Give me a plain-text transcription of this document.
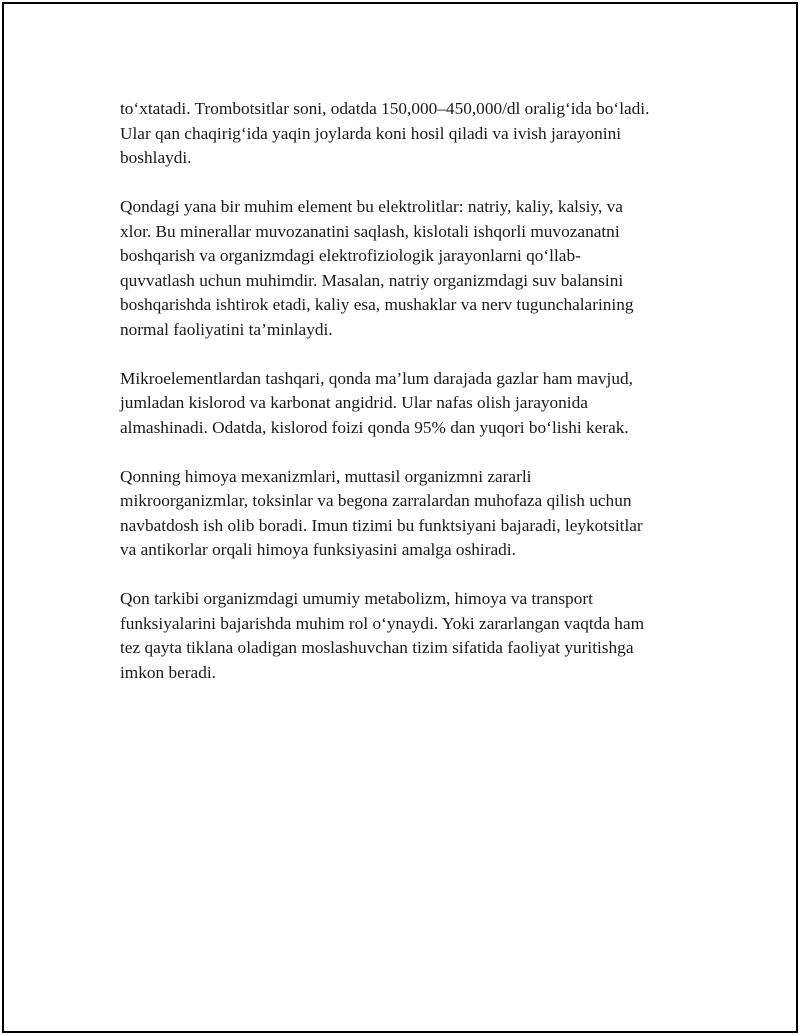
to‘xtatadi. Trombotsitlar soni, odatda 150,000–450,000/dl oralig‘ida bo‘ladi.
Ular qan chaqirig‘ida yaqin joylarda koni hosil qiladi va ivish jarayonini
boshlaydi.

Qondagi yana bir muhim element bu elektrolitlar: natriy, kaliy, kalsiy, va
xlor. Bu minerallar muvozanatini saqlash, kislotali ishqorli muvozanatni
boshqarish va organizmdagi elektrofiziologik jarayonlarni qo‘llab-
quvvatlash uchun muhimdir. Masalan, natriy organizmdagi suv balansini
boshqarishda ishtirok etadi, kaliy esa, mushaklar va nerv tugunchalarining
normal faoliyatini ta’minlaydi.

Mikroelementlardan tashqari, qonda ma’lum darajada gazlar ham mavjud,
jumladan kislorod va karbonat angidrid. Ular nafas olish jarayonida
almashinadi. Odatda, kislorod foizi qonda 95% dan yuqori bo‘lishi kerak.

Qonning himoya mexanizmlari, muttasil organizmni zararli
mikroorganizmlar, toksinlar va begona zarralardan muhofaza qilish uchun
navbatdosh ish olib boradi. Imun tizimi bu funktsiyani bajaradi, leykotsitlar
va antikorlar orqali himoya funksiyasini amalga oshiradi.

Qon tarkibi organizmdagi umumiy metabolizm, himoya va transport
funksiyalarini bajarishda muhim rol o‘ynaydi. Yoki zararlangan vaqtda ham
tez qayta tiklana oladigan moslashuvchan tizim sifatida faoliyat yuritishga
imkon beradi.
